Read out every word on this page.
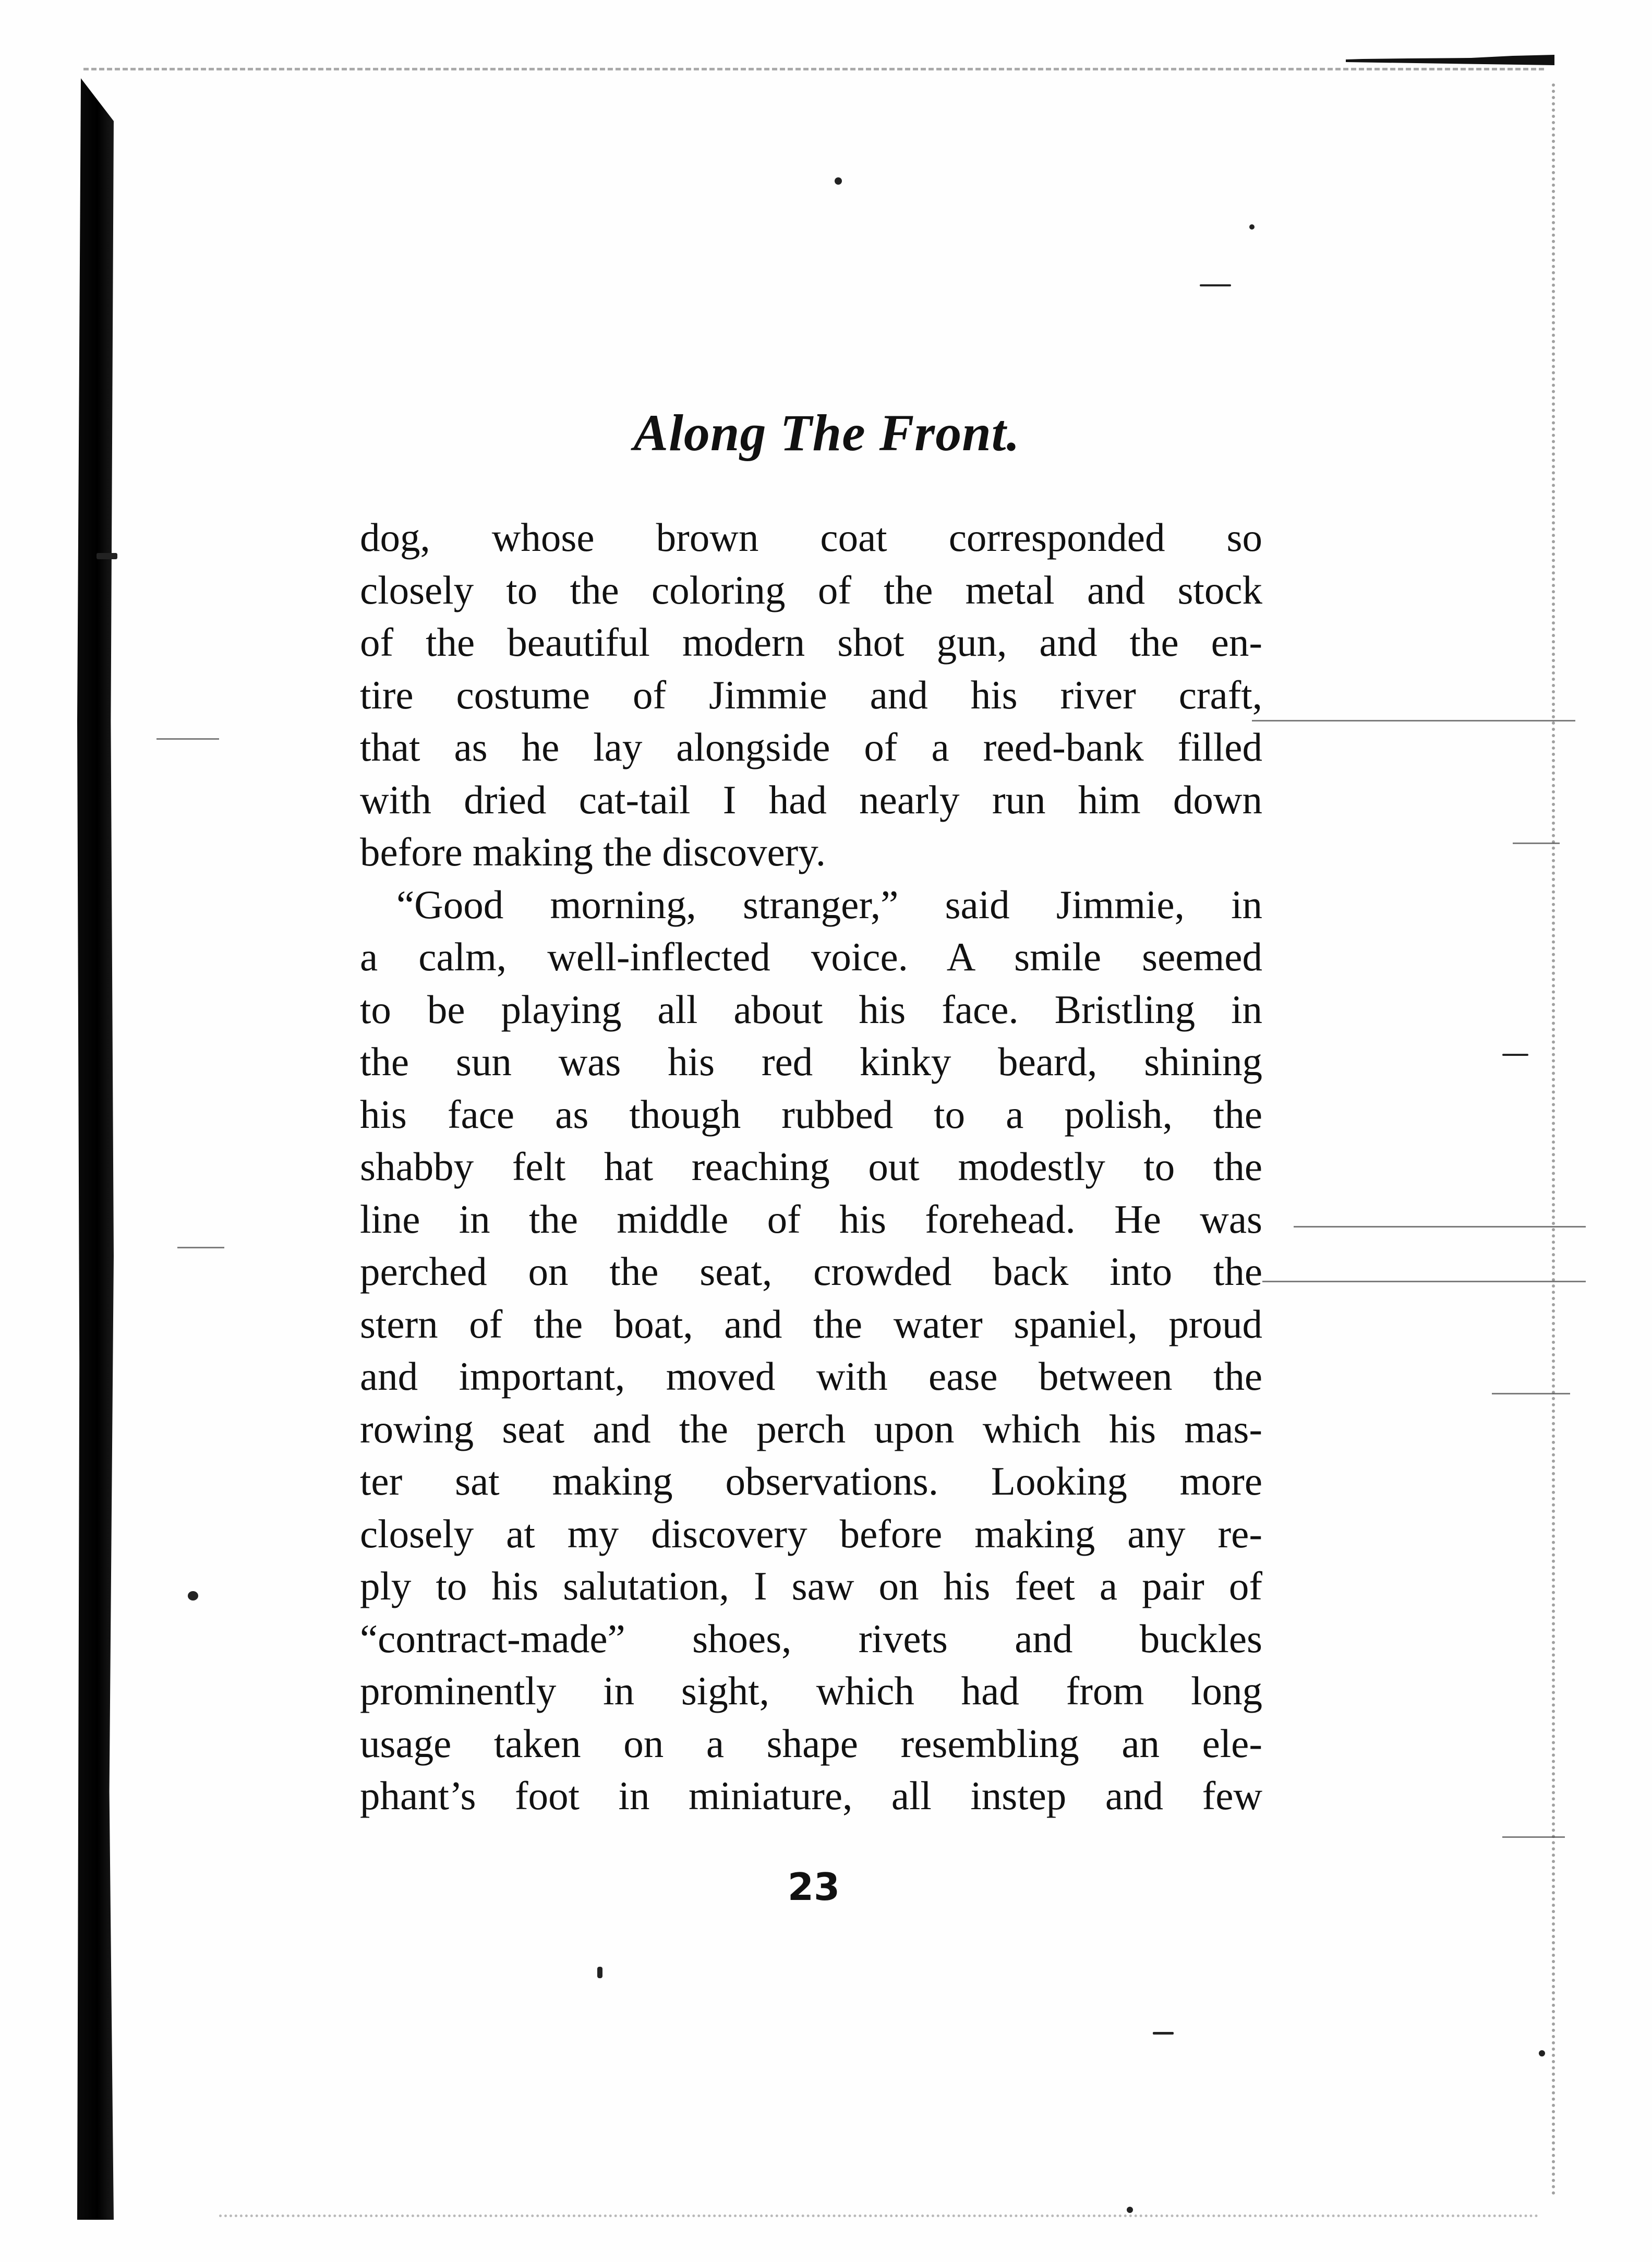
Along The Front.
dog, whose brown coat corresponded so
closely to the coloring of the metal and stock
of the beautiful modern shot gun, and the en-
tire costume of Jimmie and his river craft,
that as he lay alongside of a reed-bank filled
with dried cat-tail I had nearly run him down
before making the discovery.
“Good morning, stranger,” said Jimmie, in
a calm, well-inflected voice. A smile seemed
to be playing all about his face. Bristling in
the sun was his red kinky beard, shining
his face as though rubbed to a polish, the
shabby felt hat reaching out modestly to the
line in the middle of his forehead. He was
perched on the seat, crowded back into the
stern of the boat, and the water spaniel, proud
and important, moved with ease between the
rowing seat and the perch upon which his mas-
ter sat making observations. Looking more
closely at my discovery before making any re-
ply to his salutation, I saw on his feet a pair of
“contract-made” shoes, rivets and buckles
prominently in sight, which had from long
usage taken on a shape resembling an ele-
phant’s foot in miniature, all instep and few
23
